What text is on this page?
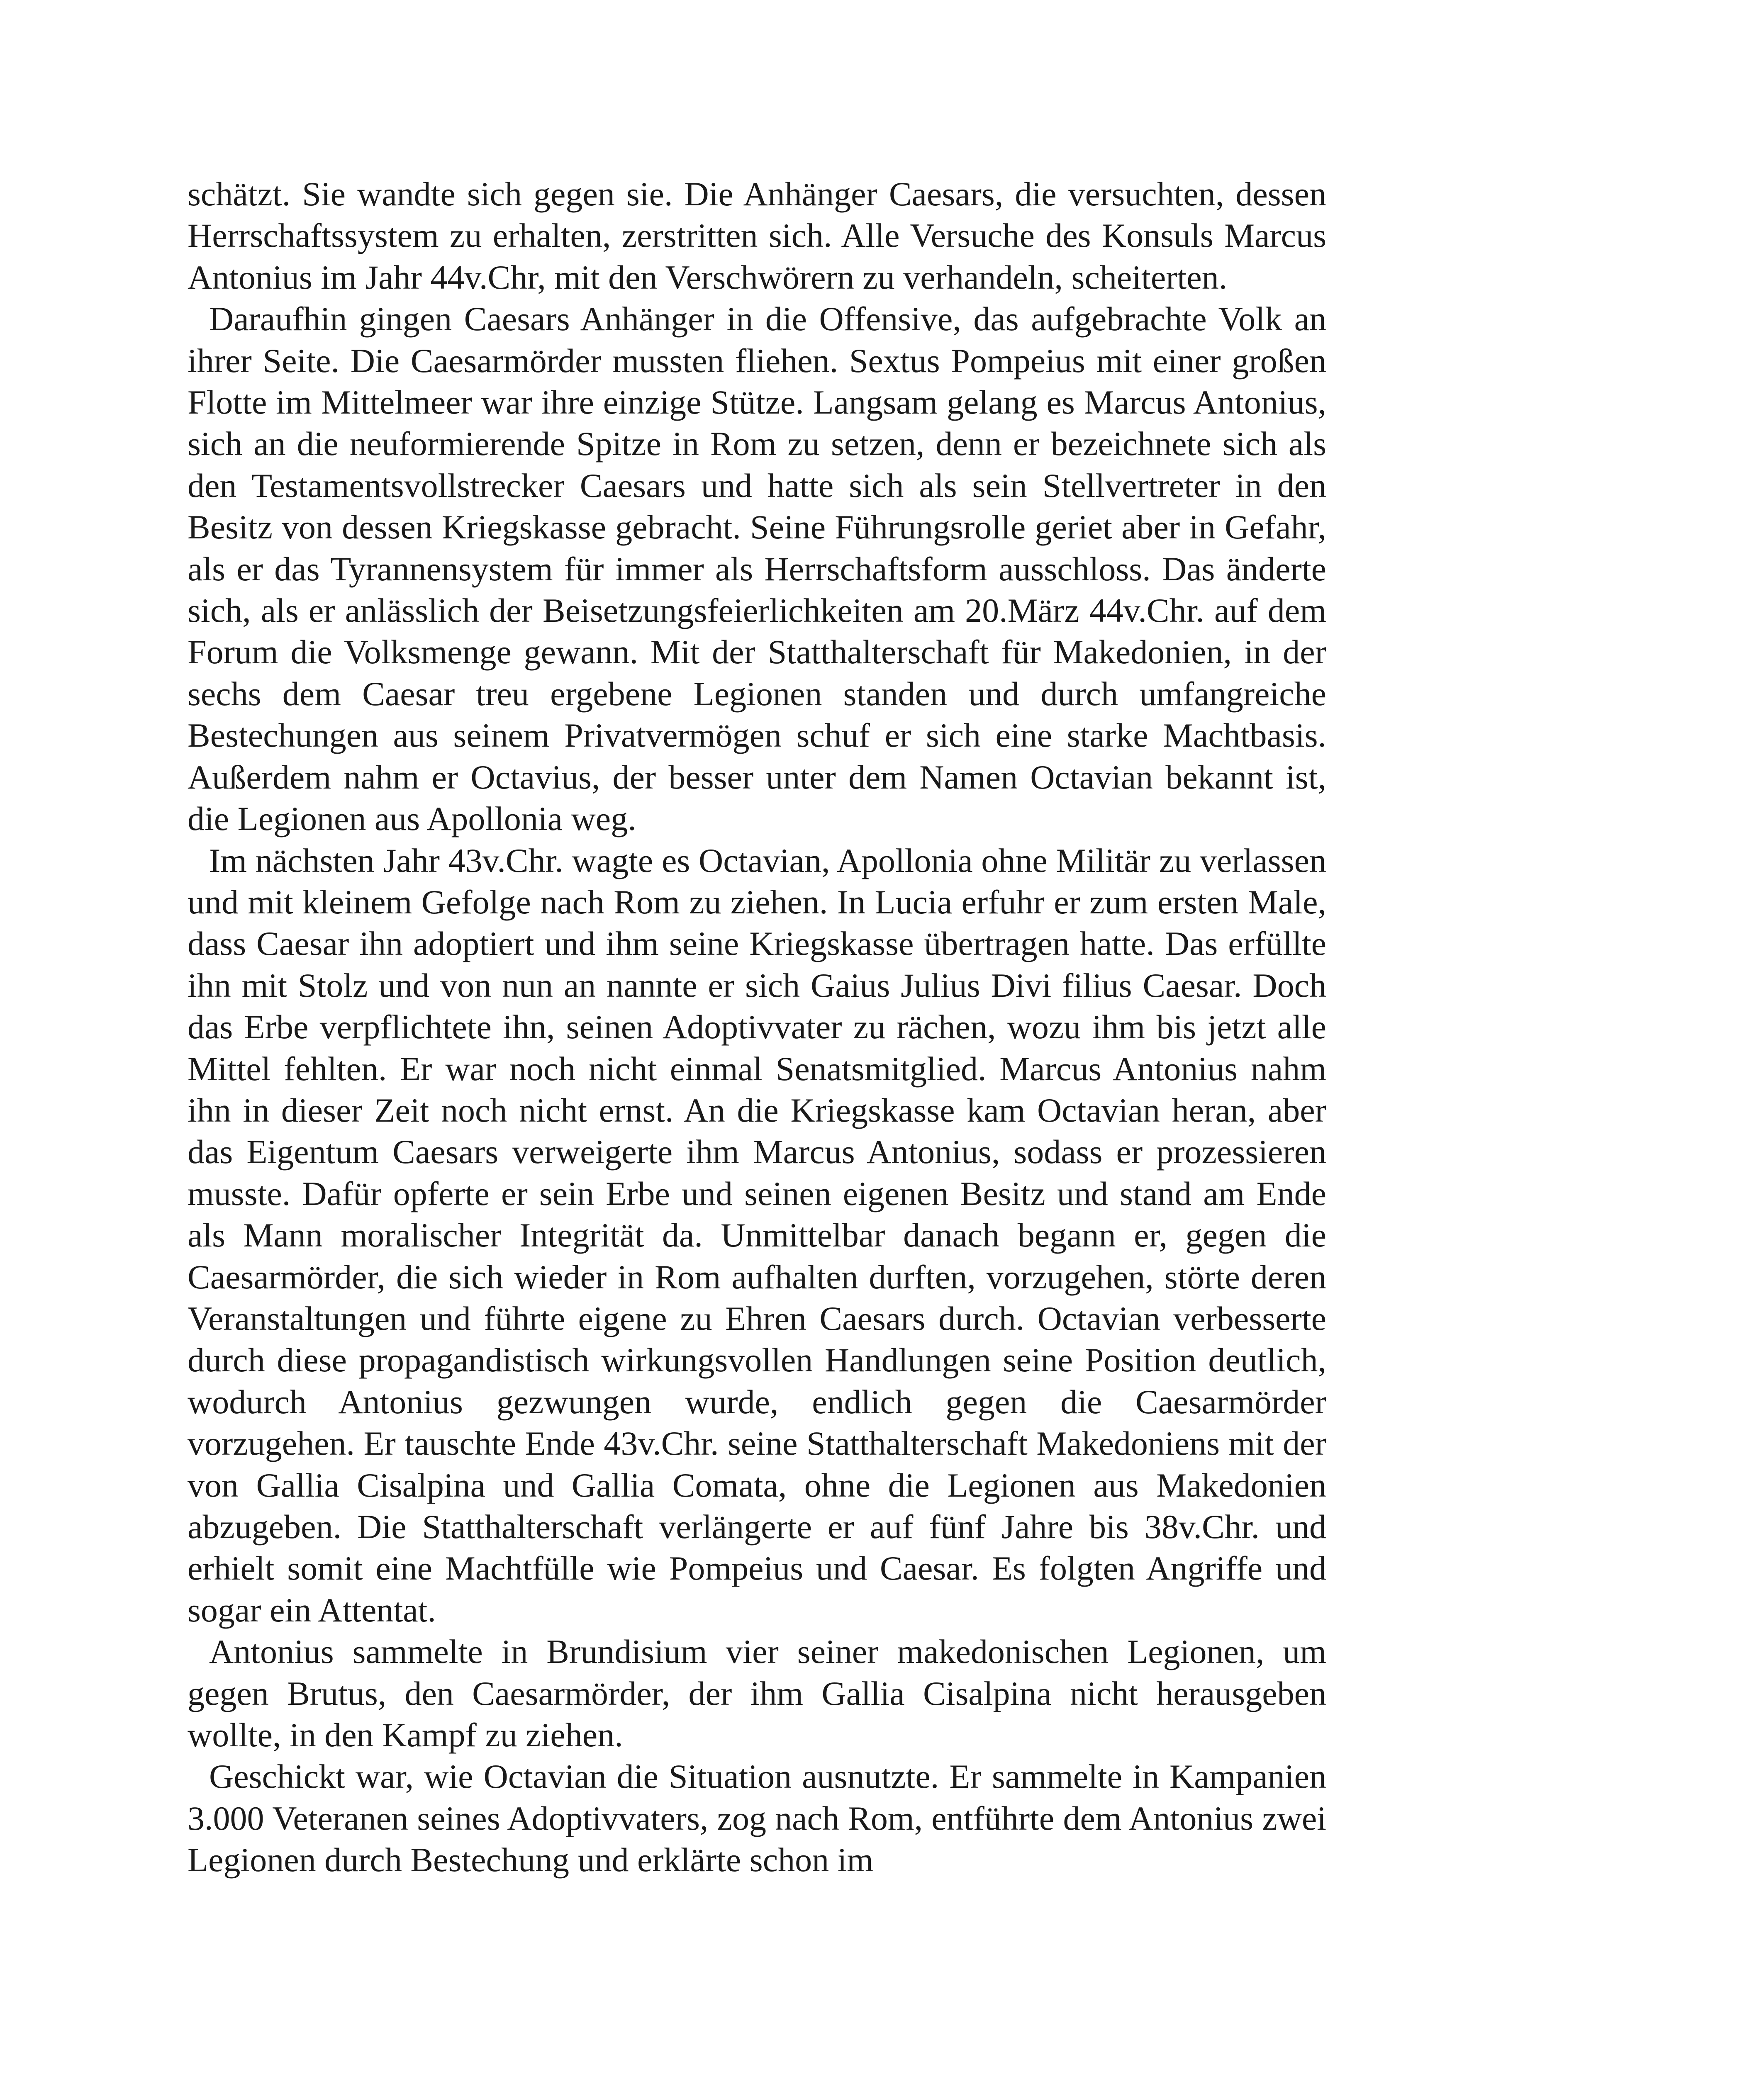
schätzt. Sie wandte sich gegen sie. Die Anhänger Caesars, die versuchten, dessen Herrschaftssystem zu erhalten, zerstritten sich. Alle Versuche des Konsuls Marcus Antonius im Jahr 44v.Chr, mit den Verschwörern zu verhandeln, scheiterten.

Daraufhin gingen Caesars Anhänger in die Offensive, das aufgebrachte Volk an ihrer Seite. Die Caesarmörder mussten fliehen. Sextus Pompeius mit einer großen Flotte im Mittelmeer war ihre einzige Stütze. Langsam gelang es Marcus Antonius, sich an die neuformierende Spitze in Rom zu setzen, denn er bezeichnete sich als den Testamentsvollstrecker Caesars und hatte sich als sein Stellvertreter in den Besitz von dessen Kriegskasse gebracht. Seine Führungsrolle geriet aber in Gefahr, als er das Tyrannensystem für immer als Herrschaftsform ausschloss. Das änderte sich, als er anlässlich der Beisetzungsfeierlichkeiten am 20.März 44v.Chr. auf dem Forum die Volksmenge gewann. Mit der Statthalterschaft für Makedonien, in der sechs dem Caesar treu ergebene Legionen standen und durch umfangreiche Bestechungen aus seinem Privatvermögen schuf er sich eine starke Machtbasis. Außerdem nahm er Octavius, der besser unter dem Namen Octavian bekannt ist, die Legionen aus Apollonia weg.

Im nächsten Jahr 43v.Chr. wagte es Octavian, Apollonia ohne Militär zu verlassen und mit kleinem Gefolge nach Rom zu ziehen. In Lucia erfuhr er zum ersten Male, dass Caesar ihn adoptiert und ihm seine Kriegskasse übertragen hatte. Das erfüllte ihn mit Stolz und von nun an nannte er sich Gaius Julius Divi filius Caesar. Doch das Erbe verpflichtete ihn, seinen Adoptivvater zu rächen, wozu ihm bis jetzt alle Mittel fehlten. Er war noch nicht einmal Senatsmitglied. Marcus Antonius nahm ihn in dieser Zeit noch nicht ernst. An die Kriegskasse kam Octavian heran, aber das Eigentum Caesars verweigerte ihm Marcus Antonius, sodass er prozessieren musste. Dafür opferte er sein Erbe und seinen eigenen Besitz und stand am Ende als Mann moralischer Integrität da. Unmittelbar danach begann er, gegen die Caesarmörder, die sich wieder in Rom aufhalten durften, vorzugehen, störte deren Veranstaltungen und führte eigene zu Ehren Caesars durch. Octavian verbesserte durch diese propagandistisch wirkungsvollen Handlungen seine Position deutlich, wodurch Antonius gezwungen wurde, endlich gegen die Caesarmörder vorzugehen. Er tauschte Ende 43v.Chr. seine Statthalterschaft Makedoniens mit der von Gallia Cisalpina und Gallia Comata, ohne die Legionen aus Makedonien abzugeben. Die Statthalterschaft verlängerte er auf fünf Jahre bis 38v.Chr. und erhielt somit eine Machtfülle wie Pompeius und Caesar. Es folgten Angriffe und sogar ein Attentat.

Antonius sammelte in Brundisium vier seiner makedonischen Legionen, um gegen Brutus, den Caesarmörder, der ihm Gallia Cisalpina nicht herausgeben wollte, in den Kampf zu ziehen.

Geschickt war, wie Octavian die Situation ausnutzte. Er sammelte in Kampanien 3.000 Veteranen seines Adoptivvaters, zog nach Rom, entführte dem Antonius zwei Legionen durch Bestechung und erklärte schon im
